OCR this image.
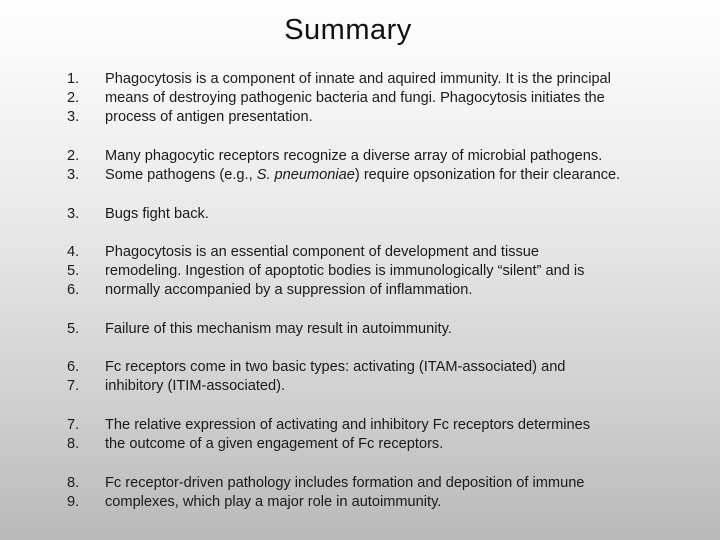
Summary
1.
2.
3.
Phagocytosis is a component of innate and aquired immunity. It is the principal
means of destroying pathogenic bacteria and fungi. Phagocytosis initiates the
process of antigen presentation.
2.
3.
Many phagocytic receptors recognize a diverse array of microbial pathogens.
Some pathogens (e.g., S. pneumoniae) require opsonization for their clearance.
3.	Bugs fight back.
4.
5.
6.
Phagocytosis is an essential component of development and tissue
remodeling. Ingestion of apoptotic bodies is immunologically “silent” and is
normally accompanied by a suppression of inflammation.
5.	Failure of this mechanism may result in autoimmunity.
6.
7.
Fc receptors come in two basic types: activating (ITAM-associated) and
inhibitory (ITIM-associated).
7.
8.
The relative expression of activating and inhibitory Fc receptors determines
the outcome of a given engagement of Fc receptors.
8.
9.
Fc receptor-driven pathology includes formation and deposition of immune
complexes, which play a major role in autoimmunity.
